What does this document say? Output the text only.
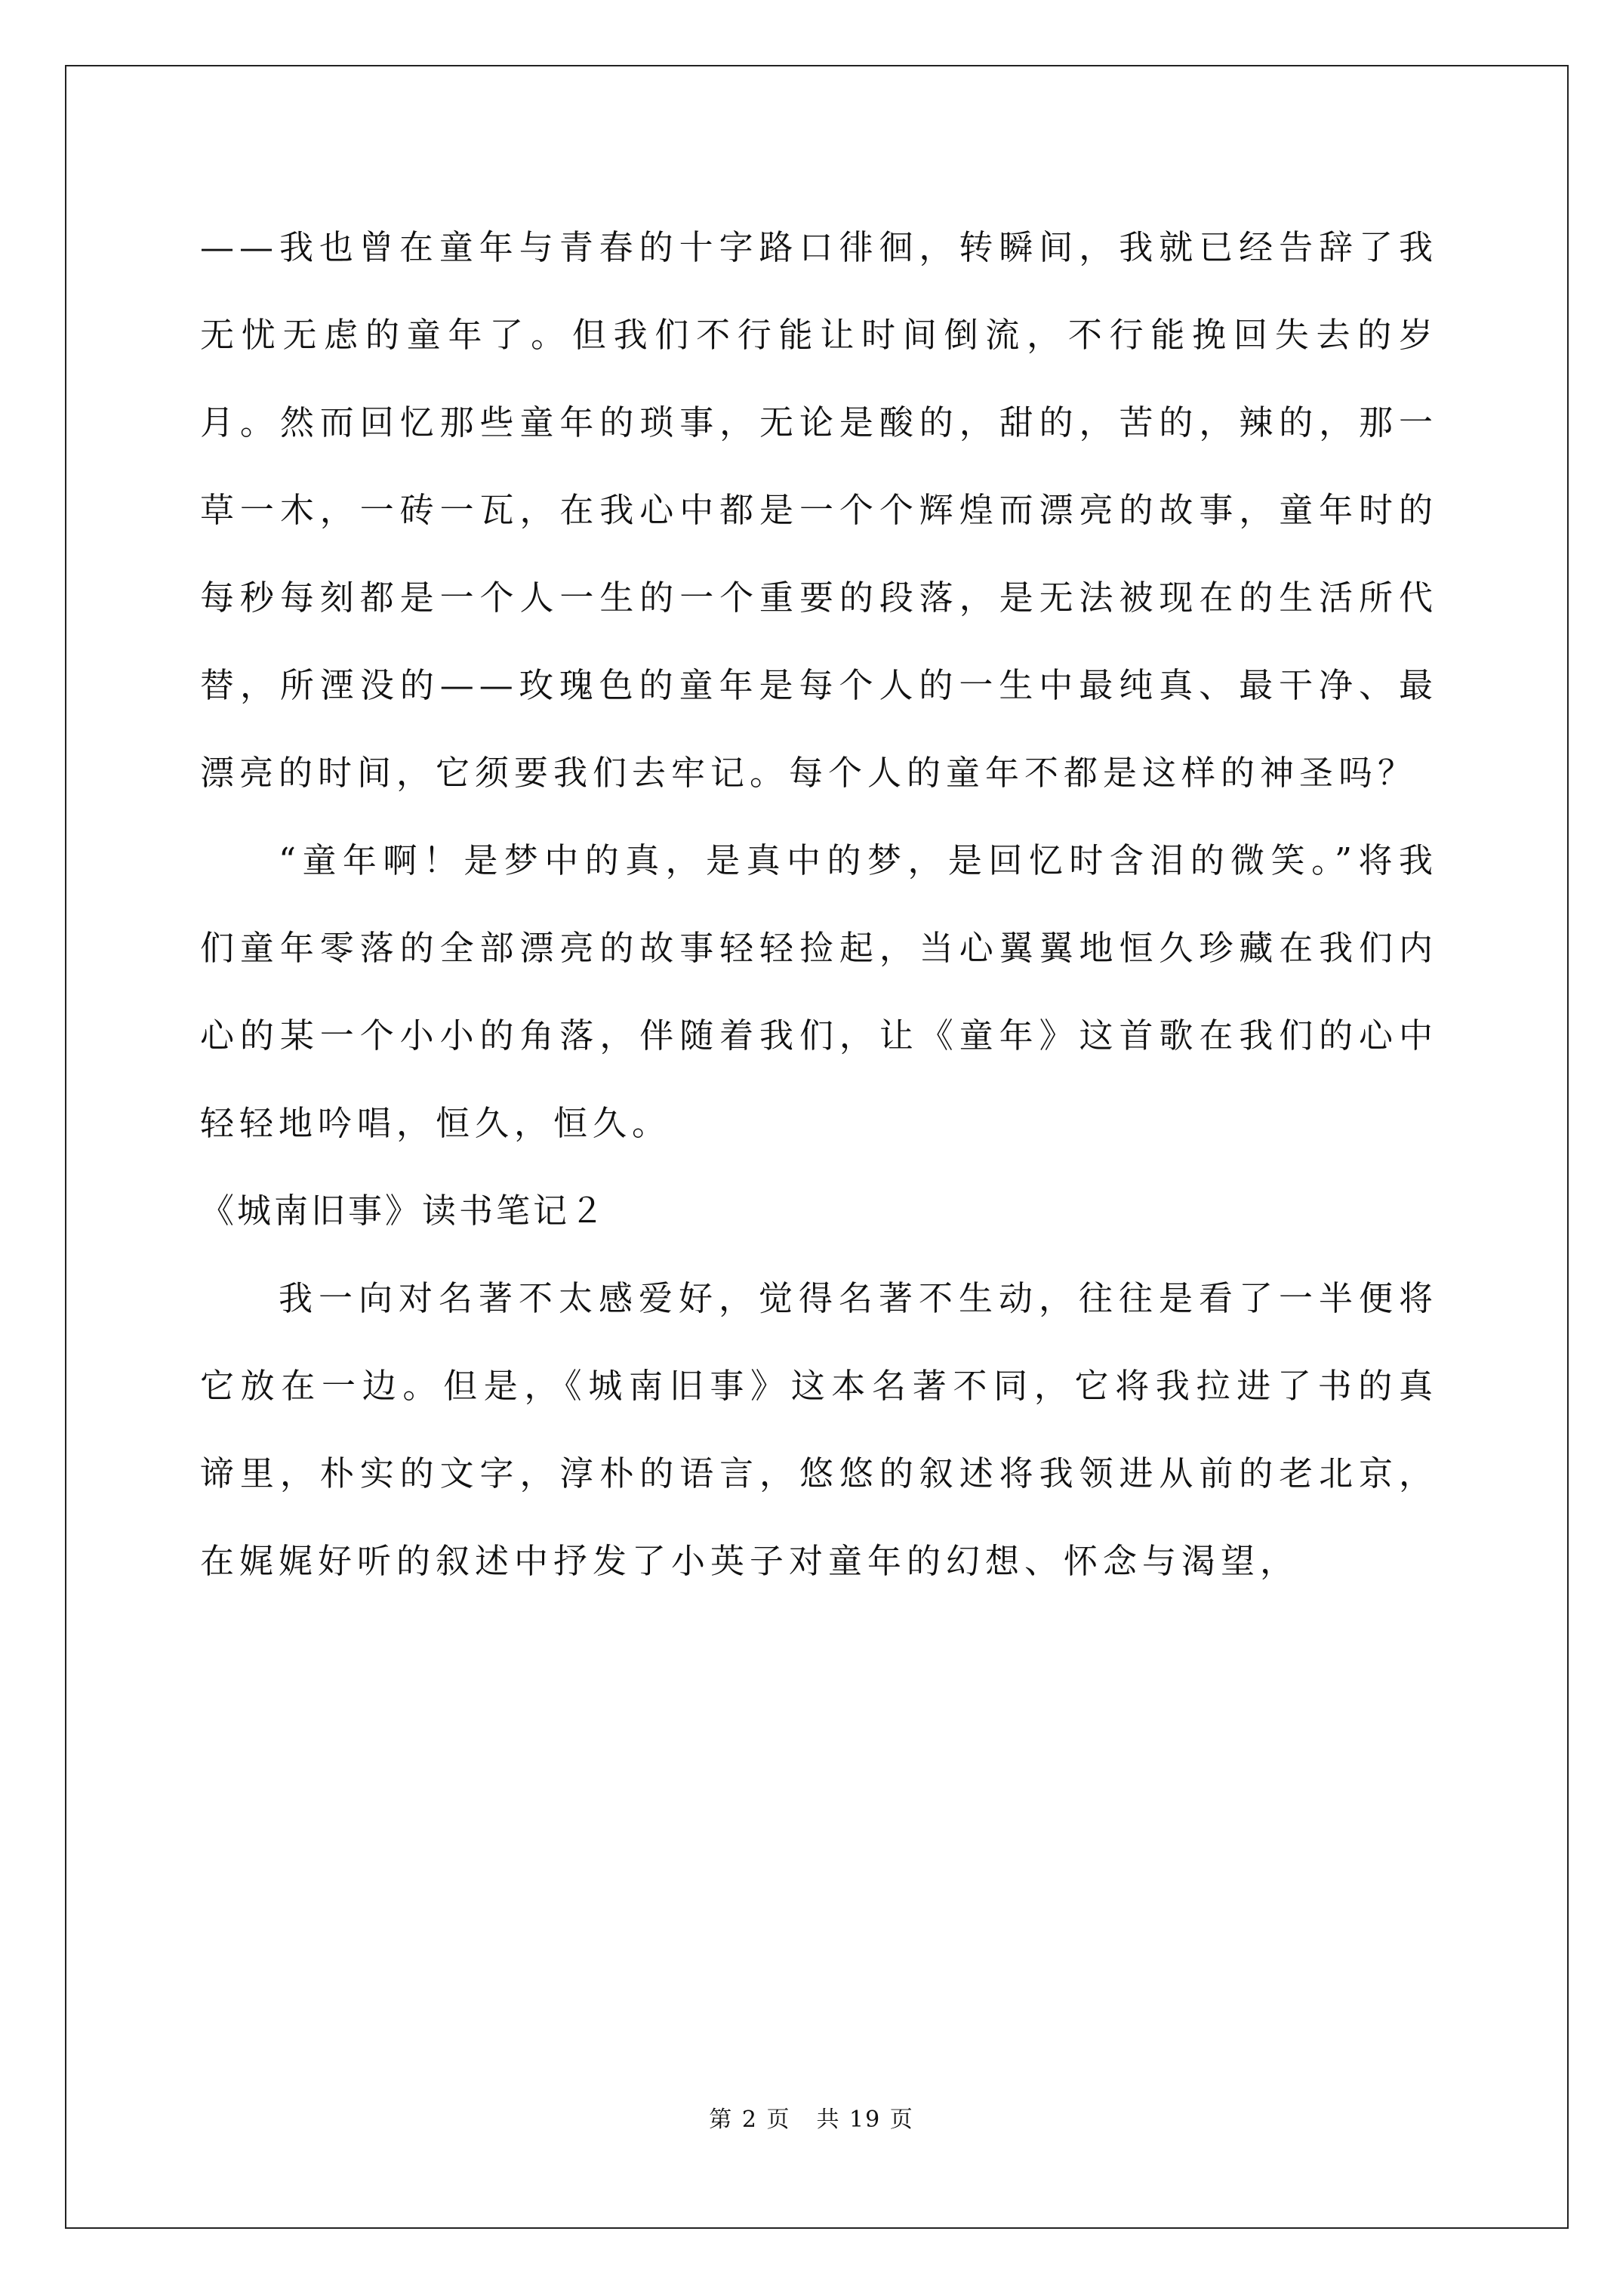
——我也曾在童年与青春的十字路口徘徊，转瞬间，我就已经告辞了我无忧无虑的童年了。但我们不行能让时间倒流，不行能挽回失去的岁月。然而回忆那些童年的琐事，无论是酸的，甜的，苦的，辣的，那一草一木，一砖一瓦，在我心中都是一个个辉煌而漂亮的故事，童年时的每秒每刻都是一个人一生的一个重要的段落，是无法被现在的生活所代替，所湮没的——玫瑰色的童年是每个人的一生中最纯真、最干净、最漂亮的时间，它须要我们去牢记。每个人的童年不都是这样的神圣吗？

“童年啊！是梦中的真，是真中的梦，是回忆时含泪的微笑。”将我们童年零落的全部漂亮的故事轻轻捡起，当心翼翼地恒久珍藏在我们内心的某一个小小的角落，伴随着我们，让《童年》这首歌在我们的心中轻轻地吟唱，恒久，恒久。

《城南旧事》读书笔记２

我一向对名著不太感爱好，觉得名著不生动，往往是看了一半便将它放在一边。但是，《城南旧事》这本名著不同，它将我拉进了书的真谛里，朴实的文字，淳朴的语言，悠悠的叙述将我领进从前的老北京，在娓娓好听的叙述中抒发了小英子对童年的幻想、怀念与渴望，

第 2 页 共 19 页
